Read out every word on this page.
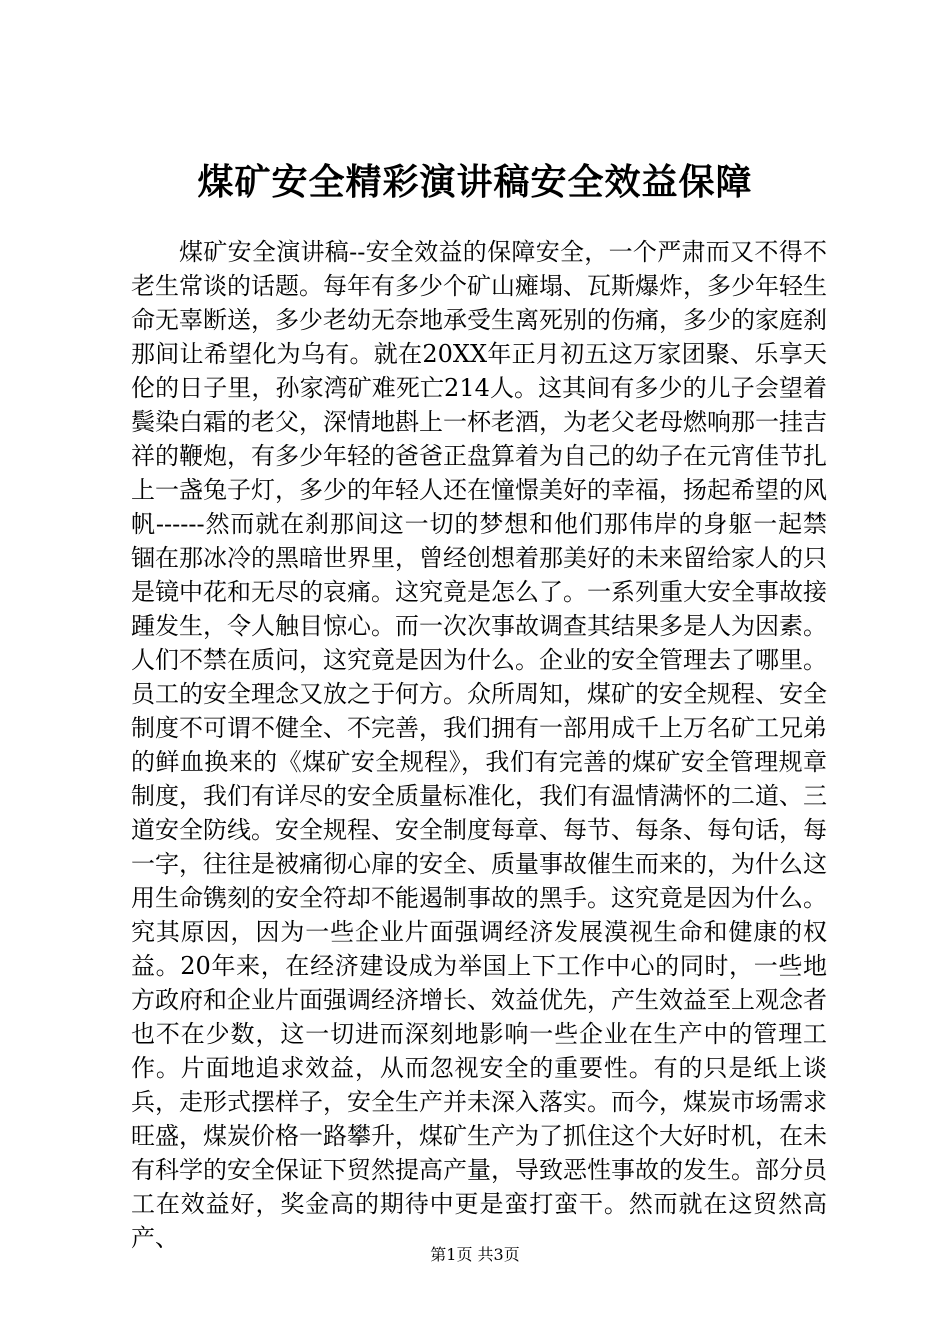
煤矿安全精彩演讲稿安全效益保障

煤矿安全演讲稿--安全效益的保障安全，一个严肃而又不得不老生常谈的话题。每年有多少个矿山瘫塌、瓦斯爆炸，多少年轻生命无辜断送，多少老幼无奈地承受生离死别的伤痛，多少的家庭刹那间让希望化为乌有。就在20XX年正月初五这万家团聚、乐享天伦的日子里，孙家湾矿难死亡214人。这其间有多少的儿子会望着鬓染白霜的老父，深情地斟上一杯老酒，为老父老母燃响那一挂吉祥的鞭炮，有多少年轻的爸爸正盘算着为自己的幼子在元宵佳节扎上一盏兔子灯，多少的年轻人还在憧憬美好的幸福，扬起希望的风帆------然而就在刹那间这一切的梦想和他们那伟岸的身躯一起禁锢在那冰冷的黑暗世界里，曾经创想着那美好的未来留给家人的只是镜中花和无尽的哀痛。这究竟是怎么了。一系列重大安全事故接踵发生，令人触目惊心。而一次次事故调查其结果多是人为因素。人们不禁在质问，这究竟是因为什么。企业的安全管理去了哪里。员工的安全理念又放之于何方。众所周知，煤矿的安全规程、安全制度不可谓不健全、不完善，我们拥有一部用成千上万名矿工兄弟的鲜血换来的《煤矿安全规程》，我们有完善的煤矿安全管理规章制度，我们有详尽的安全质量标准化，我们有温情满怀的二道、三道安全防线。安全规程、安全制度每章、每节、每条、每句话，每一字，往往是被痛彻心扉的安全、质量事故催生而来的，为什么这用生命镌刻的安全符却不能遏制事故的黑手。这究竟是因为什么。究其原因，因为一些企业片面强调经济发展漠视生命和健康的权益。20年来，在经济建设成为举国上下工作中心的同时，一些地方政府和企业片面强调经济增长、效益优先，产生效益至上观念者也不在少数，这一切进而深刻地影响一些企业在生产中的管理工作。片面地追求效益，从而忽视安全的重要性。有的只是纸上谈兵，走形式摆样子，安全生产并未深入落实。而今，煤炭市场需求旺盛，煤炭价格一路攀升，煤矿生产为了抓住这个大好时机，在未有科学的安全保证下贸然提高产量，导致恶性事故的发生。部分员工在效益好，奖金高的期待中更是蛮打蛮干。然而就在这贸然高产、

第1页 共3页
